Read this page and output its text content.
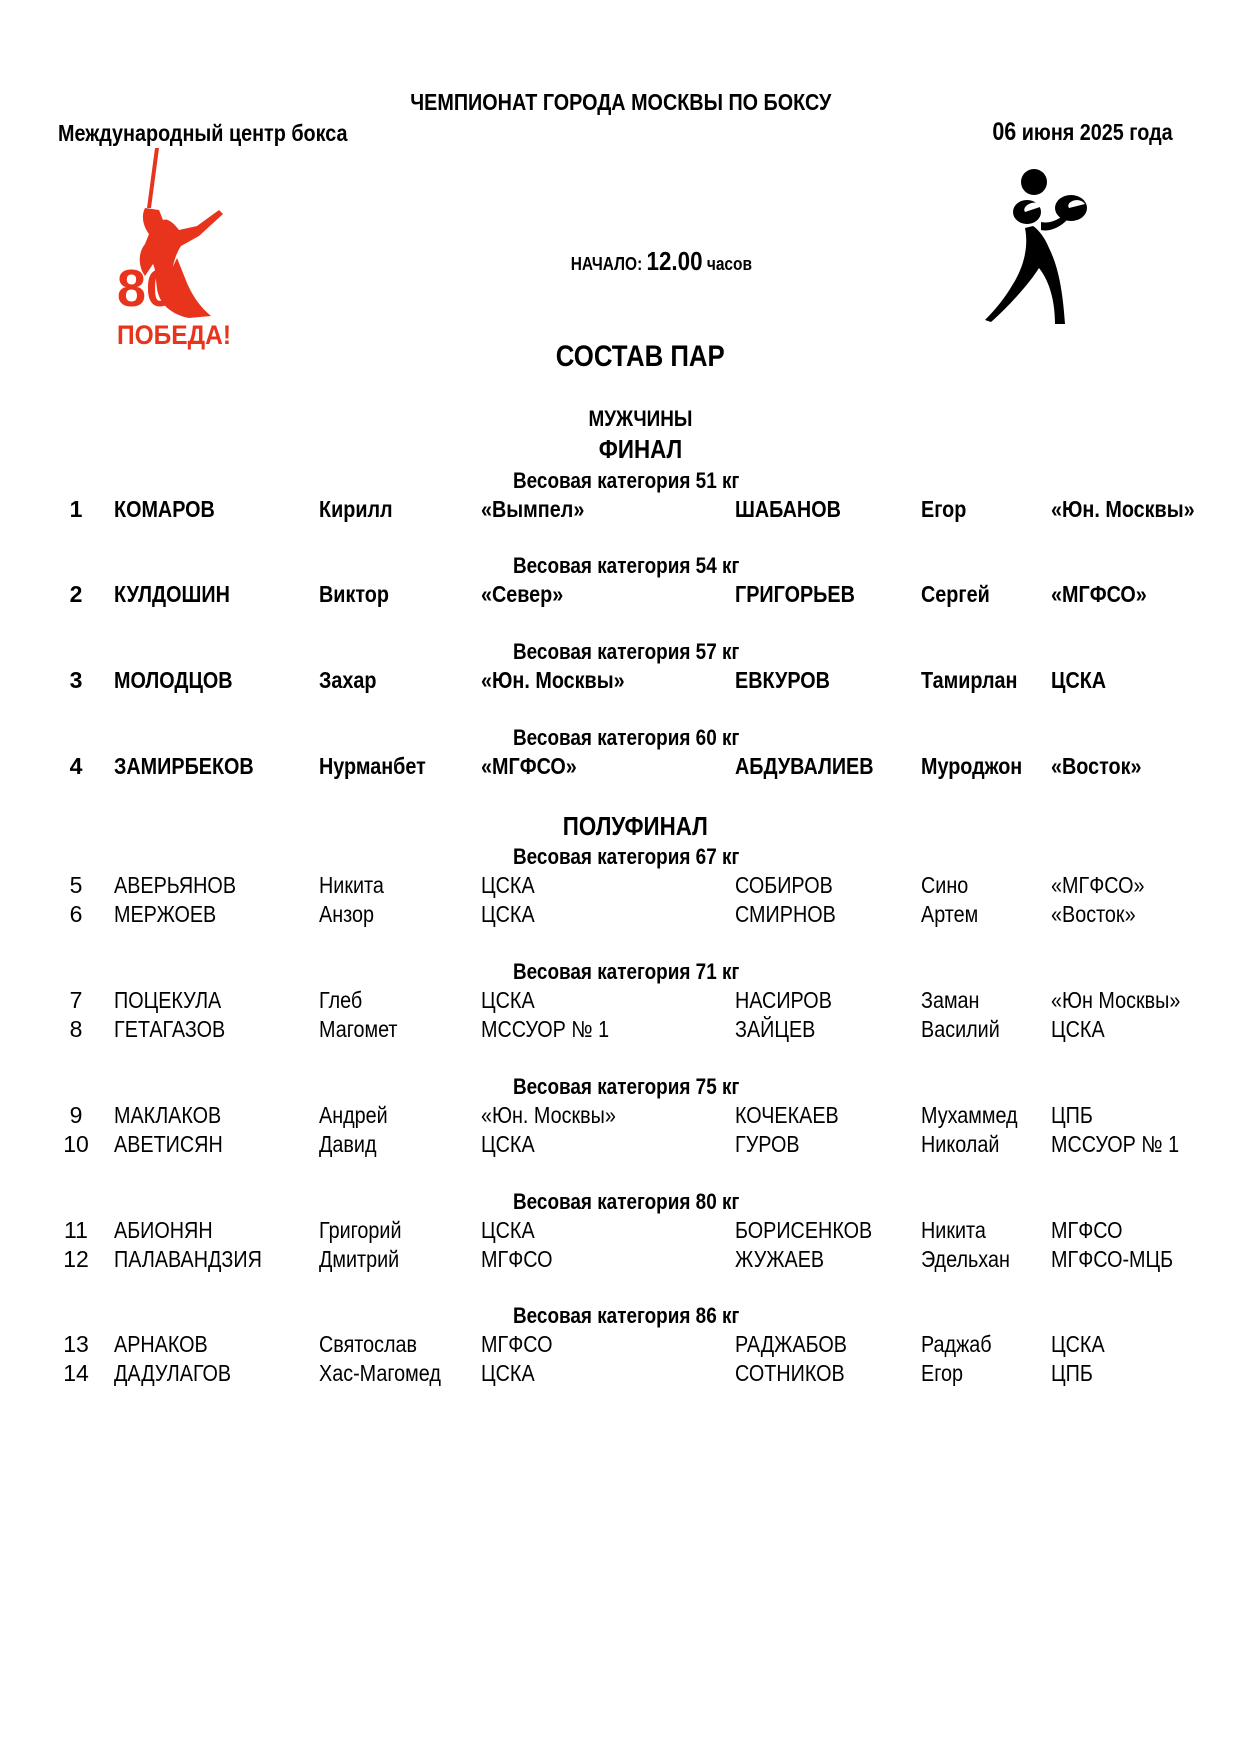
ЧЕМПИОНАТ ГОРОДА МОСКВЫ ПО БОКСУ
Международный центр бокса	06 июня 2025 года
80
ПОБЕДА!
НАЧАЛО: 12.00 часов
СОСТАВ ПАР
МУЖЧИНЫ
ФИНАЛ
Весовая категория 51 кг
1	КОМАРОВ	Кирилл	«Вымпел»	ШАБАНОВ	Егор	«Юн. Москвы»
Весовая категория 54 кг
2	КУЛДОШИН	Виктор	«Север»	ГРИГОРЬЕВ	Сергей	«МГФСО»
Весовая категория 57 кг
3	МОЛОДЦОВ	Захар	«Юн. Москвы»	ЕВКУРОВ	Тамирлан	ЦСКА
Весовая категория 60 кг
4	ЗАМИРБЕКОВ	Нурманбет	«МГФСО»	АБДУВАЛИЕВ	Муроджон	«Восток»
ПОЛУФИНАЛ
Весовая категория 67 кг
5	АВЕРЬЯНОВ	Никита	ЦСКА	СОБИРОВ	Сино	«МГФСО»
6	МЕРЖОЕВ	Анзор	ЦСКА	СМИРНОВ	Артем	«Восток»
Весовая категория 71 кг
7	ПОЦЕКУЛА	Глеб	ЦСКА	НАСИРОВ	Заман	«Юн Москвы»
8	ГЕТАГАЗОВ	Магомет	МССУОР № 1	ЗАЙЦЕВ	Василий	ЦСКА
Весовая категория 75 кг
9	МАКЛАКОВ	Андрей	«Юн. Москвы»	КОЧЕКАЕВ	Мухаммед	ЦПБ
10 АВЕТИСЯН	Давид	ЦСКА	ГУРОВ	Николай	МССУОР № 1
Весовая категория 80 кг
11 АБИОНЯН	Григорий	ЦСКА	БОРИСЕНКОВ	Никита	МГФСО
12 ПАЛАВАНДЗИЯ	Дмитрий	МГФСО	ЖУЖАЕВ	Эдельхан	МГФСО-МЦБ
Весовая категория 86 кг
13 АРНАКОВ	Святослав	МГФСО	РАДЖАБОВ	Раджаб	ЦСКА
14 ДАДУЛАГОВ	Хас-Магомед	ЦСКА	СОТНИКОВ	Егор	ЦПБ
